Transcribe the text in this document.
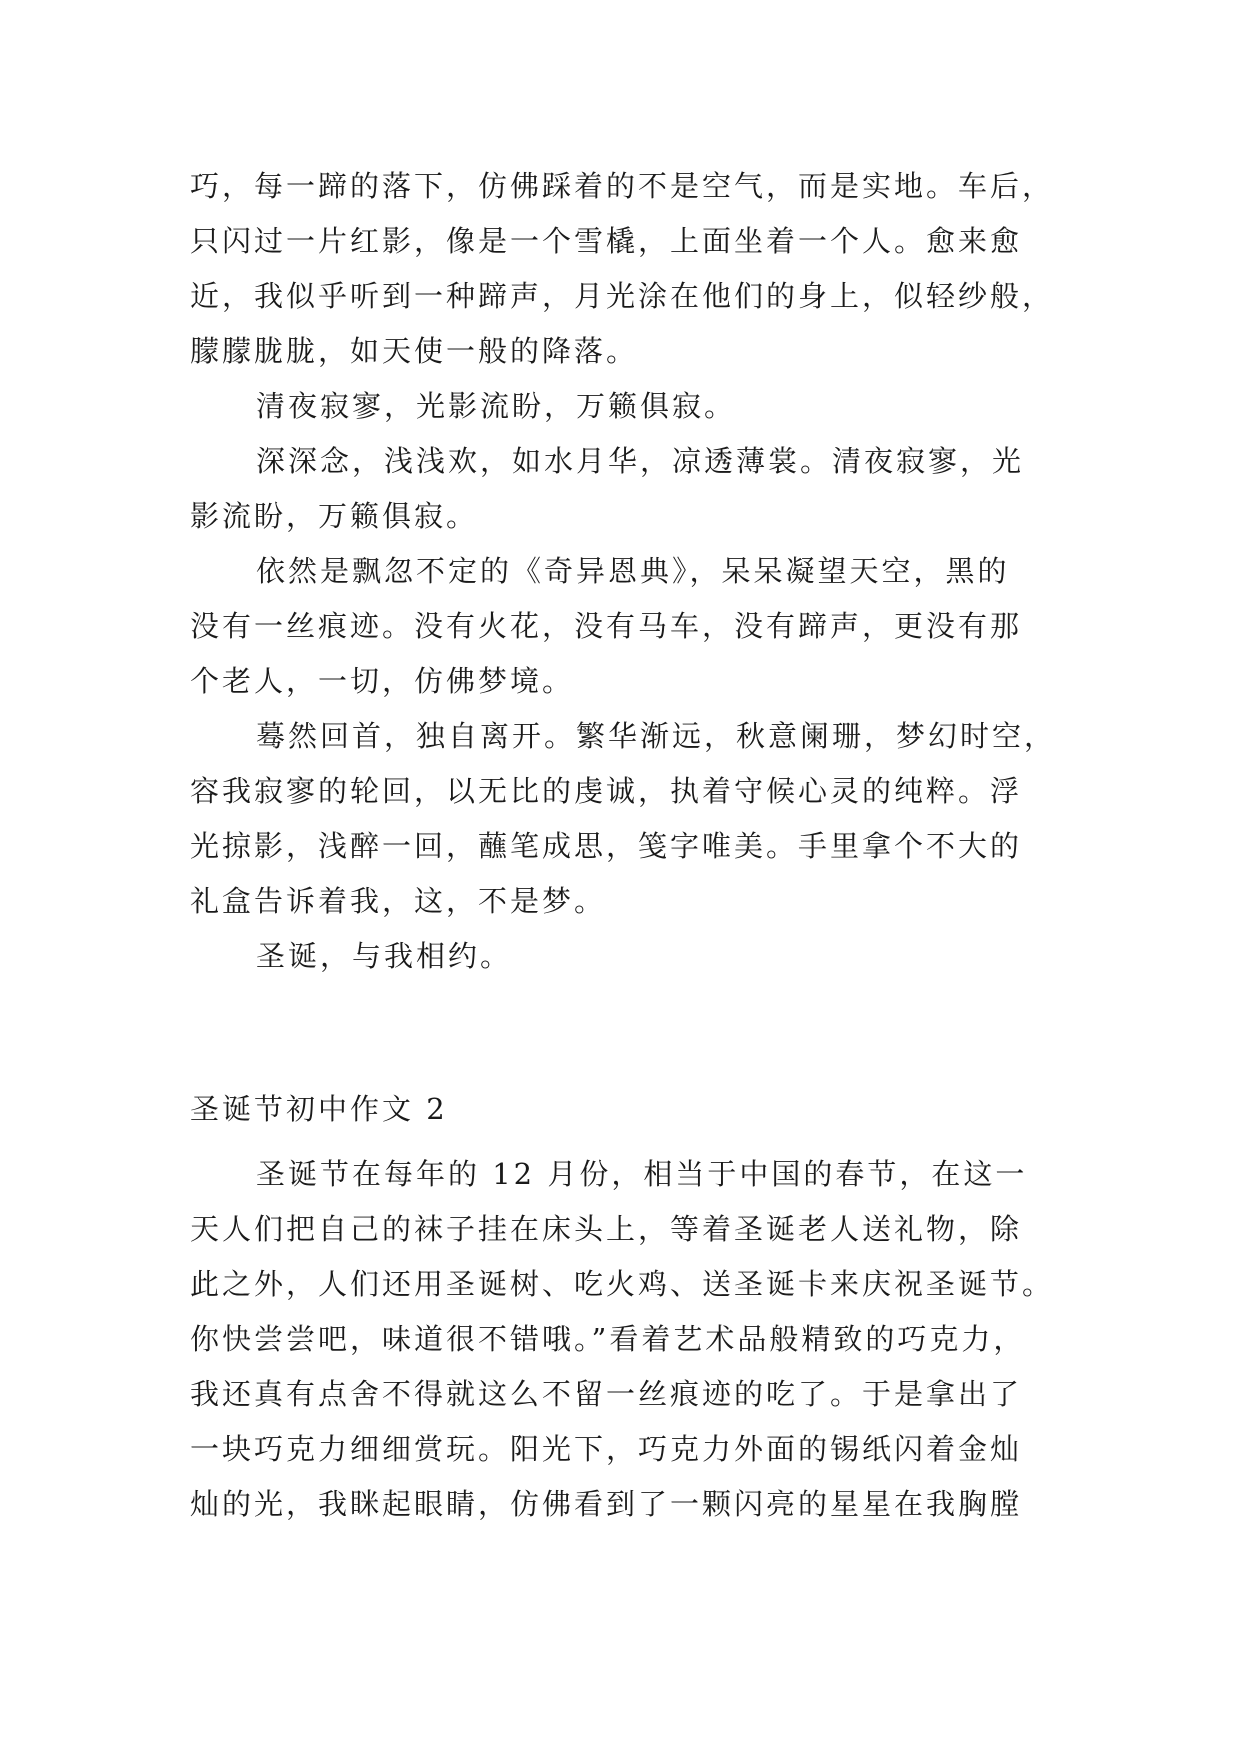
巧，每一蹄的落下，仿佛踩着的不是空气，而是实地。车后，
只闪过一片红影，像是一个雪橇，上面坐着一个人。愈来愈
近，我似乎听到一种蹄声，月光涂在他们的身上，似轻纱般，
朦朦胧胧，如天使一般的降落。
清夜寂寥，光影流盼，万籁俱寂。
深深念，浅浅欢，如水月华，凉透薄裳。清夜寂寥，光
影流盼，万籁俱寂。
依然是飘忽不定的《奇异恩典》，呆呆凝望天空，黑的
没有一丝痕迹。没有火花，没有马车，没有蹄声，更没有那
个老人，一切，仿佛梦境。
蓦然回首，独自离开。繁华渐远，秋意阑珊，梦幻时空，
容我寂寥的轮回，以无比的虔诚，执着守候心灵的纯粹。浮
光掠影，浅醉一回，蘸笔成思，笺字唯美。手里拿个不大的
礼盒告诉着我，这，不是梦。
圣诞，与我相约。
圣诞节初中作文 2
圣诞节在每年的 12 月份，相当于中国的春节，在这一
天人们把自己的袜子挂在床头上，等着圣诞老人送礼物，除
此之外，人们还用圣诞树、吃火鸡、送圣诞卡来庆祝圣诞节。
你快尝尝吧，味道很不错哦。”看着艺术品般精致的巧克力，
我还真有点舍不得就这么不留一丝痕迹的吃了。于是拿出了
一块巧克力细细赏玩。阳光下，巧克力外面的锡纸闪着金灿
灿的光，我眯起眼睛，仿佛看到了一颗闪亮的星星在我胸膛
